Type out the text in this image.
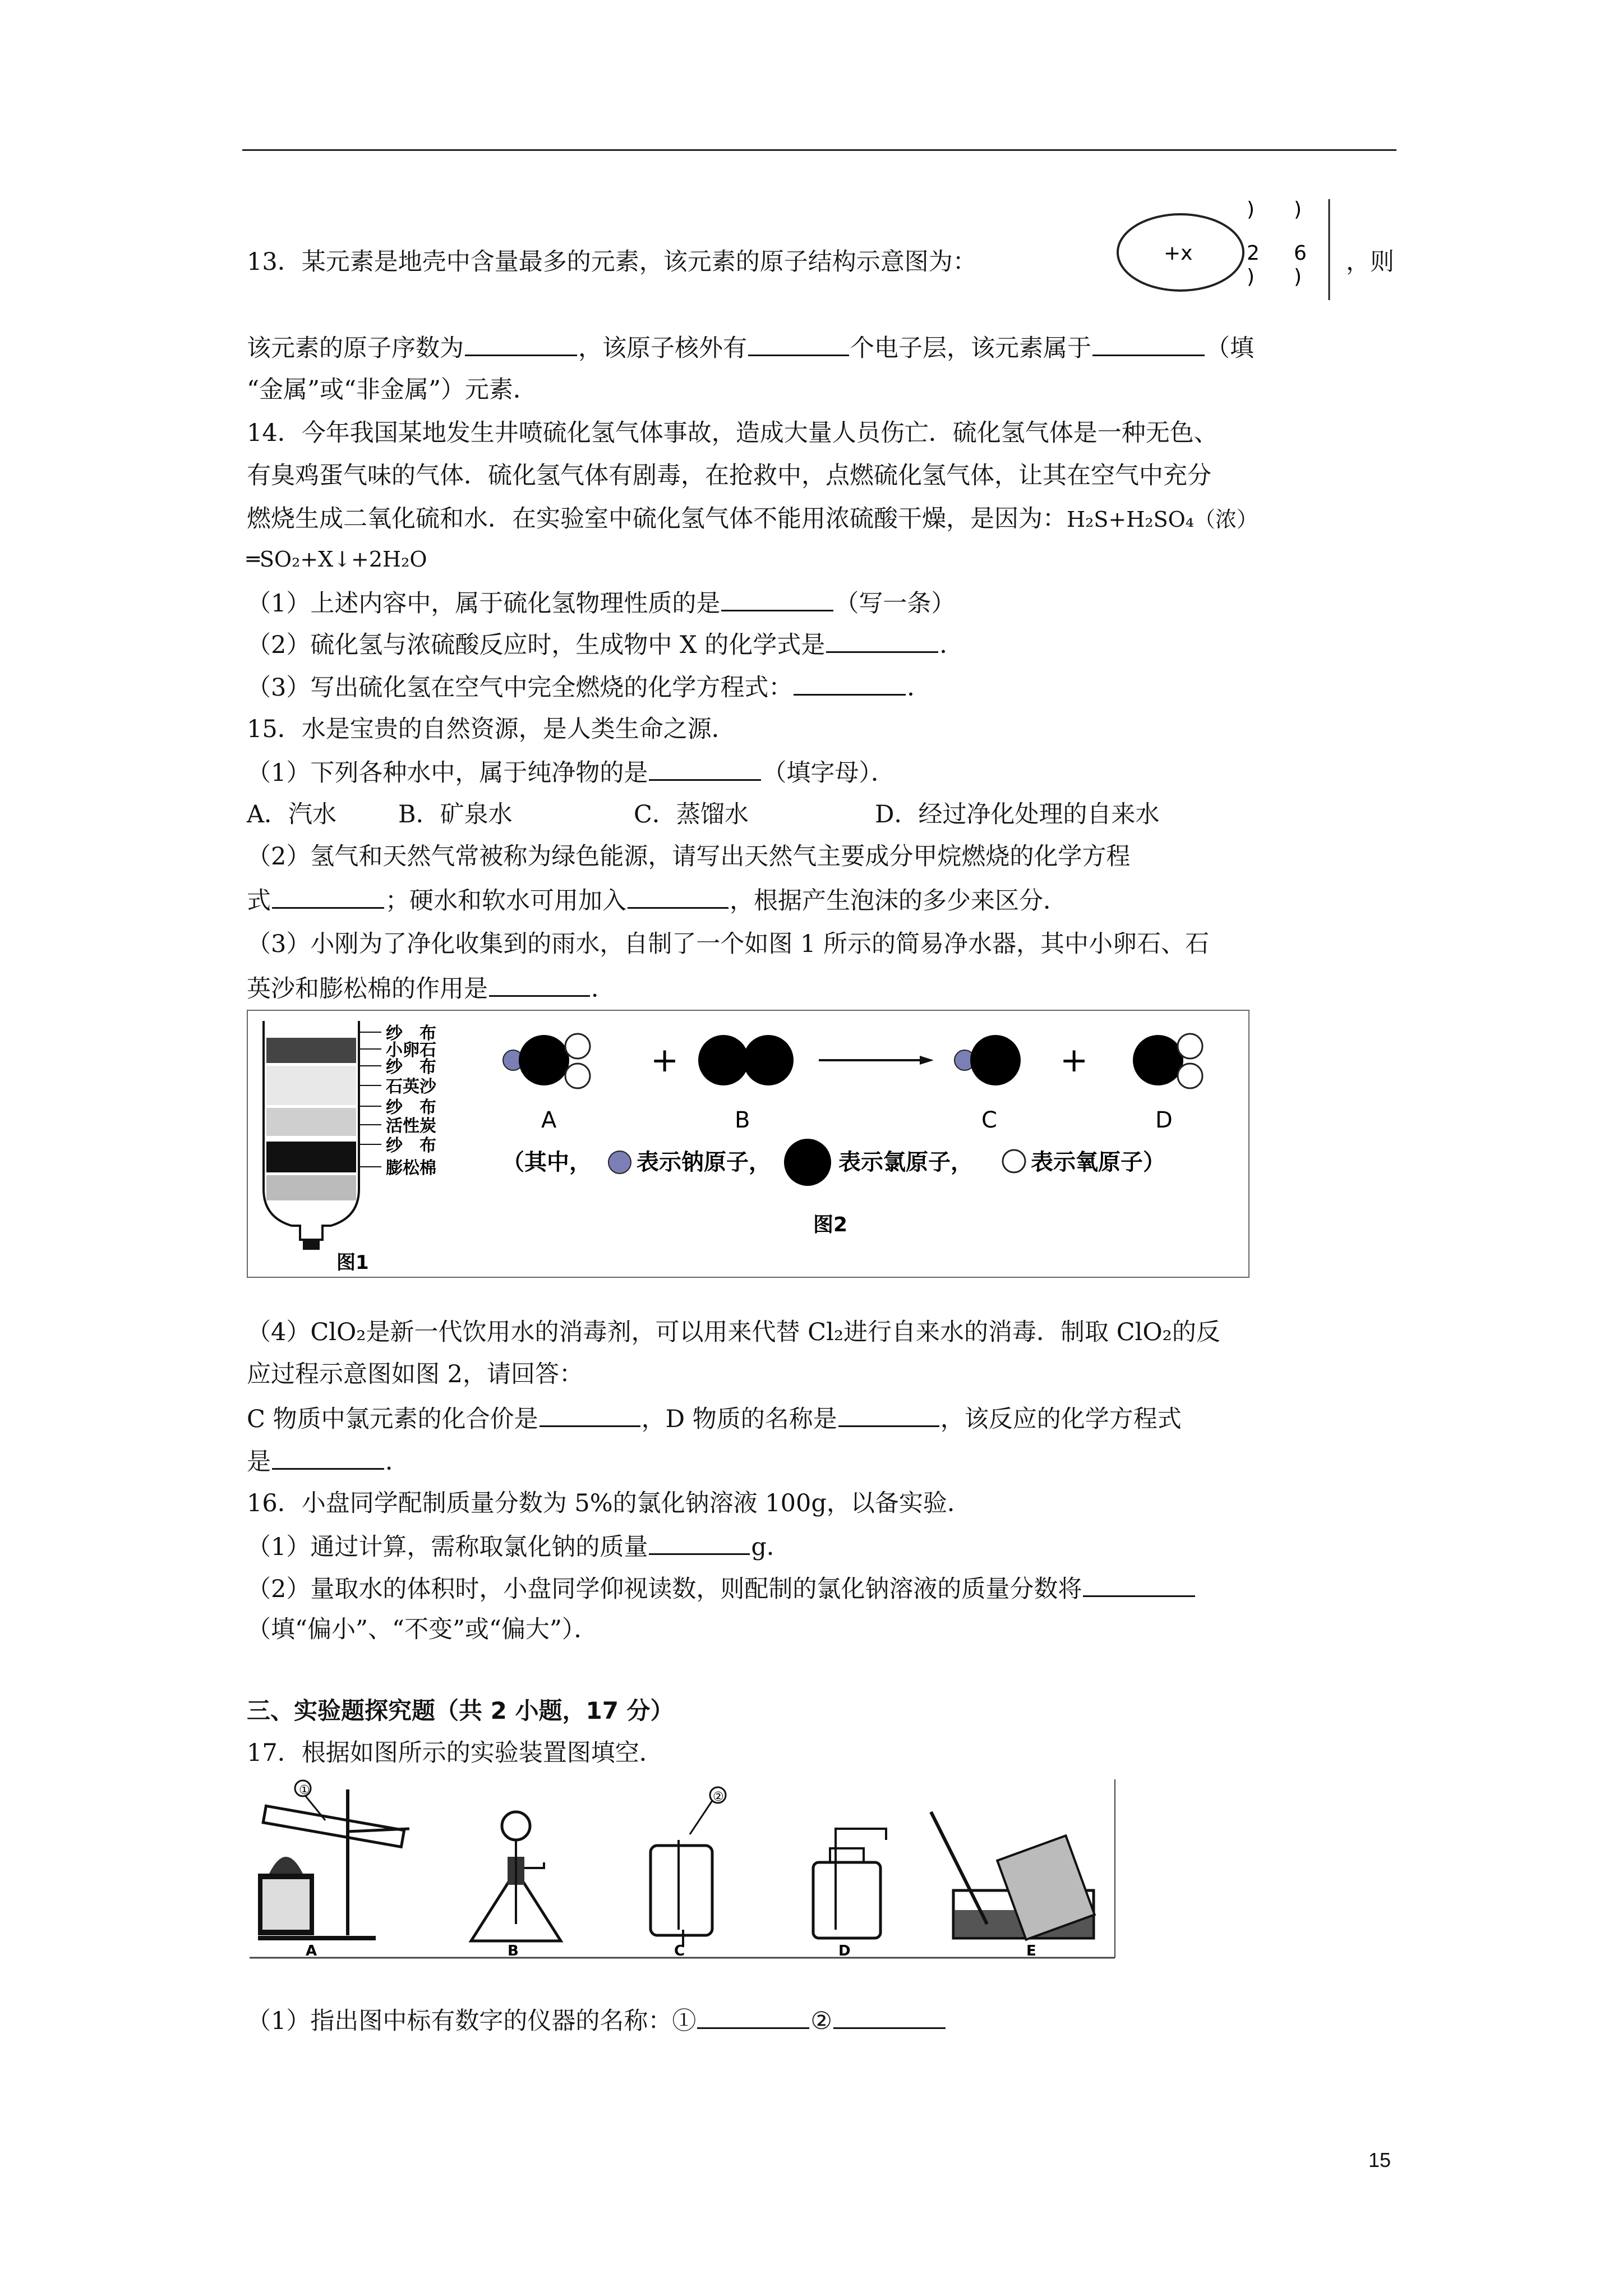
13．某元素是地壳中含量最多的元素，该元素的原子结构示意图为：	+x
)
2
)
)
6
)
，则
该元素的原子序数为	，该原子核外有	个电子层，该元素属于	（填
“金属”或“非金属”）元素．
14．今年我国某地发生井喷硫化氢气体事故，造成大量人员伤亡．硫化氢气体是一种无色、
有臭鸡蛋气味的气体．硫化氢气体有剧毒，在抢救中，点燃硫化氢气体，让其在空气中充分
燃烧生成二氧化硫和水．在实验室中硫化氢气体不能用浓硫酸干燥，是因为：H₂S+H₂SO₄（浓）
═SO₂+X↓+2H₂O
（1）上述内容中，属于硫化氢物理性质的是	（写一条）
（2）硫化氢与浓硫酸反应时，生成物中 X 的化学式是	．
（3）写出硫化氢在空气中完全燃烧的化学方程式：	．
15．水是宝贵的自然资源，是人类生命之源．
（1）下列各种水中，属于纯净物的是	（填字母）．
A．汽水	B．矿泉水	C．蒸馏水	D．经过净化处理的自来水
（2）氢气和天然气常被称为绿色能源，请写出天然气主要成分甲烷燃烧的化学方程
式	；硬水和软水可用加入	，根据产生泡沫的多少来区分．
（3）小刚为了净化收集到的雨水，自制了一个如图 1 所示的简易净水器，其中小卵石、石
英沙和膨松棉的作用是	．
纱　布
小卵石
纱　布
石英沙
纱　布
活性炭
纱　布
膨松棉
图1
+	+
A	B	C	D
（其中， 表示钠原子，	表示氯原子，	表示氧原子）
图2
（4）ClO₂是新一代饮用水的消毒剂，可以用来代替 Cl₂进行自来水的消毒．制取 ClO₂的反
应过程示意图如图 2，请回答：
C 物质中氯元素的化合价是	，D 物质的名称是	，该反应的化学方程式
是	．
16．小盘同学配制质量分数为 5%的氯化钠溶液 100g，以备实验．
（1）通过计算，需称取氯化钠的质量	g．
（2）量取水的体积时，小盘同学仰视读数，则配制的氯化钠溶液的质量分数将
（填“偏小”、“不变”或“偏大”）．
三、实验题探究题（共 2 小题，17 分）
17．根据如图所示的实验装置图填空．
①	②
A	B	C	D	E
（1）指出图中标有数字的仪器的名称：①	②
15
